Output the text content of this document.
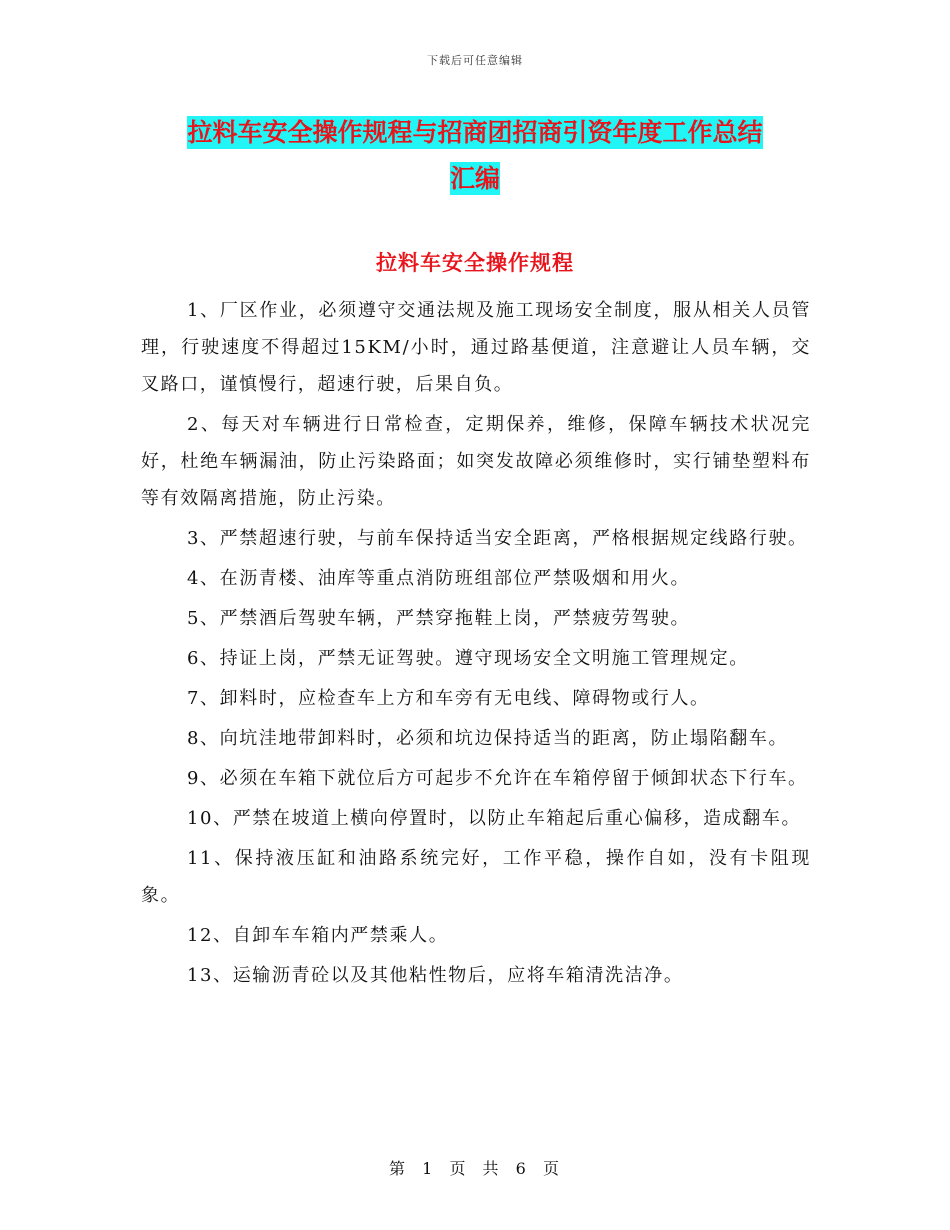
下载后可任意编辑
拉料车安全操作规程与招商团招商引资年度工作总结
汇编
拉料车安全操作规程

1、厂区作业，必须遵守交通法规及施工现场安全制度，服从相关人员管理，行驶速度不得超过15KM/小时，通过路基便道，注意避让人员车辆，交叉路口，谨慎慢行，超速行驶，后果自负。

2、每天对车辆进行日常检查，定期保养，维修，保障车辆技术状况完好，杜绝车辆漏油，防止污染路面；如突发故障必须维修时，实行铺垫塑料布等有效隔离措施，防止污染。

3、严禁超速行驶，与前车保持适当安全距离，严格根据规定线路行驶。

4、在沥青楼、油库等重点消防班组部位严禁吸烟和用火。

5、严禁酒后驾驶车辆，严禁穿拖鞋上岗，严禁疲劳驾驶。

6、持证上岗，严禁无证驾驶。遵守现场安全文明施工管理规定。

7、卸料时，应检查车上方和车旁有无电线、障碍物或行人。

8、向坑洼地带卸料时，必须和坑边保持适当的距离，防止塌陷翻车。

9、必须在车箱下就位后方可起步不允许在车箱停留于倾卸状态下行车。

10、严禁在坡道上横向停置时，以防止车箱起后重心偏移，造成翻车。

11、保持液压缸和油路系统完好，工作平稳，操作自如，没有卡阻现象。

12、自卸车车箱内严禁乘人。

13、运输沥青砼以及其他粘性物后，应将车箱清洗洁净。

第 1 页 共 6 页
